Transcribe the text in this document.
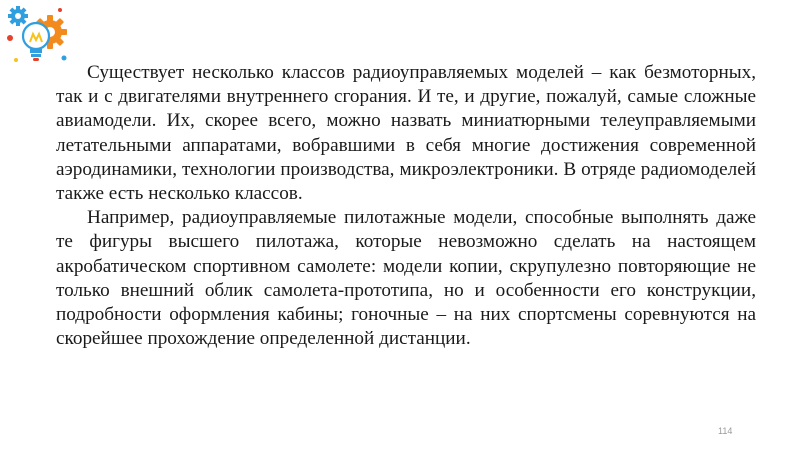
Существует несколько классов радиоуправляемых моделей – как безмоторных, так и с двигателями внутреннего сгорания. И те, и другие, пожалуй, самые сложные авиамодели. Их, скорее всего, можно назвать миниатюрными телеуправляемыми летательными аппаратами, вобравшими в себя многие достижения современной аэродинамики, технологии производства, микроэлектроники. В отряде радиомоделей также есть несколько классов.

Например, радиоуправляемые пилотажные модели, способные выполнять даже те фигуры высшего пилотажа, которые невозможно сделать на настоящем акробатическом спортивном самолете: модели копии, скрупулезно повторяющие не только внешний облик самолета-прототипа, но и особенности его конструкции, подробности оформления кабины; гоночные – на них спортсмены соревнуются на скорейшее прохождение определенной дистанции.

114
